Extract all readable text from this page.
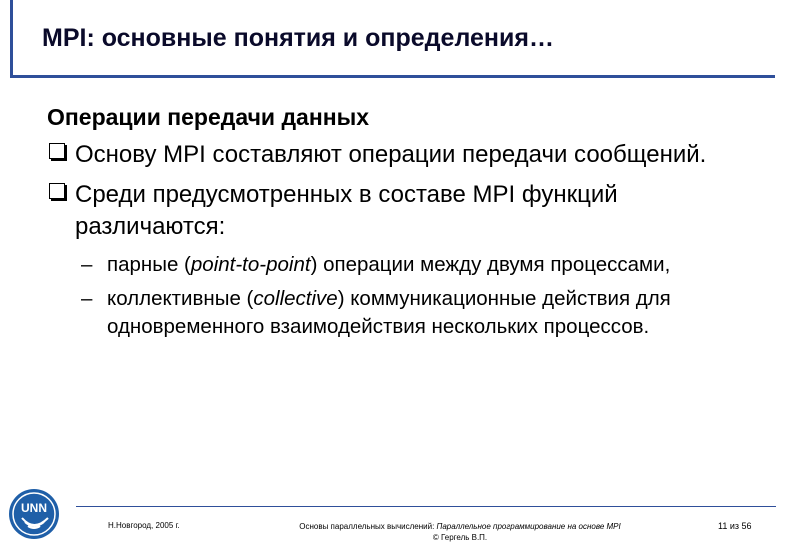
MPI: основные понятия и определения…
Операции передачи данных
Основу MPI составляют операции передачи сообщений.
Среди предусмотренных в составе MPI функций различаются:
– парные (point-to-point) операции между двумя процессами,
– коллективные (collective) коммуникационные действия для одновременного взаимодействия нескольких процессов.
UNN
Н.Новгород, 2005 г.	Основы параллельных вычислений: Параллельное программирование на основе MPI
© Гергель В.П.
11 из 56
